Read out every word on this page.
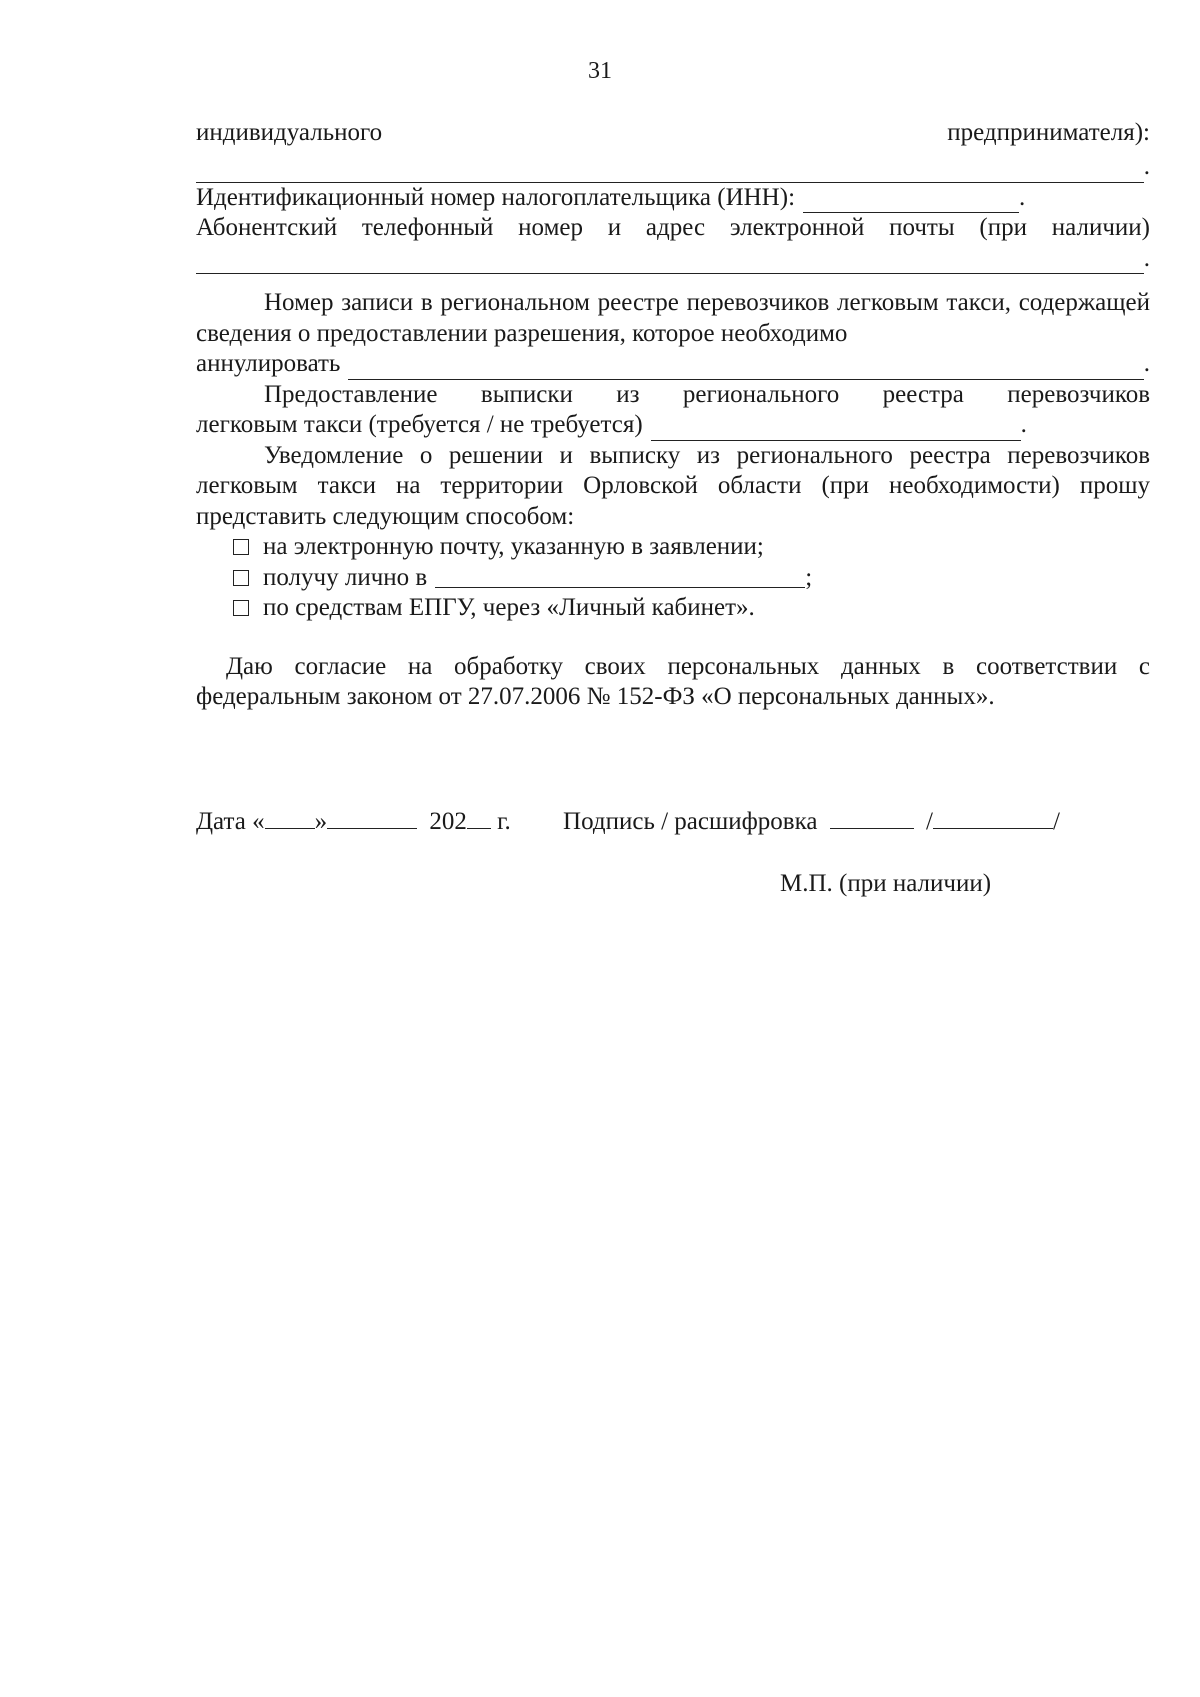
31
индивидуального	предпринимателя):
.
Идентификационный номер налогоплательщика (ИНН):	.
Абонентский телефонный номер и адрес электронной почты (при наличии)
.
Номер записи в региональном реестре перевозчиков легковым такси, содержащей сведения о предоставлении разрешения, которое необходимо
аннулировать	.
Предоставление выписки из регионального реестра перевозчиков
легковым такси (требуется / не требуется)	.
Уведомление о решении и выписку из регионального реестра перевозчиков легковым такси на территории Орловской области (при необходимости) прошу представить следующим способом:
на электронную почту, указанную в заявлении;
получу лично в	;
по средствам ЕПГУ, через «Личный кабинет».
Даю согласие на обработку своих персональных данных в соответствии с федеральным законом от 27.07.2006 № 152-ФЗ «О персональных данных».
Дата « »	202 г. Подпись / расшифровка	/	/
М.П. (при наличии)
